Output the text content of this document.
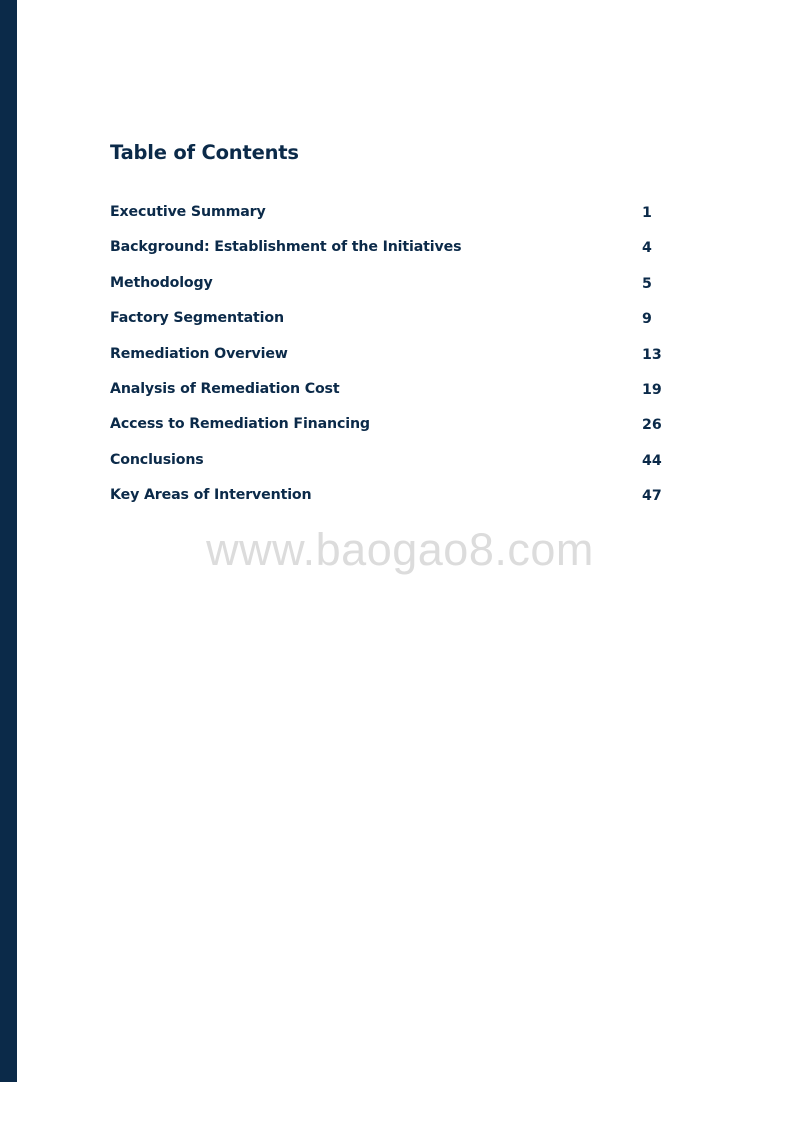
Table of Contents
Executive Summary	1
Background: Establishment of the Initiatives	4
Methodology	5
Factory Segmentation	9
Remediation Overview	13
Analysis of Remediation Cost	19
Access to Remediation Financing	26
Conclusions	44
Key Areas of Intervention	47
www.baogao8.com
